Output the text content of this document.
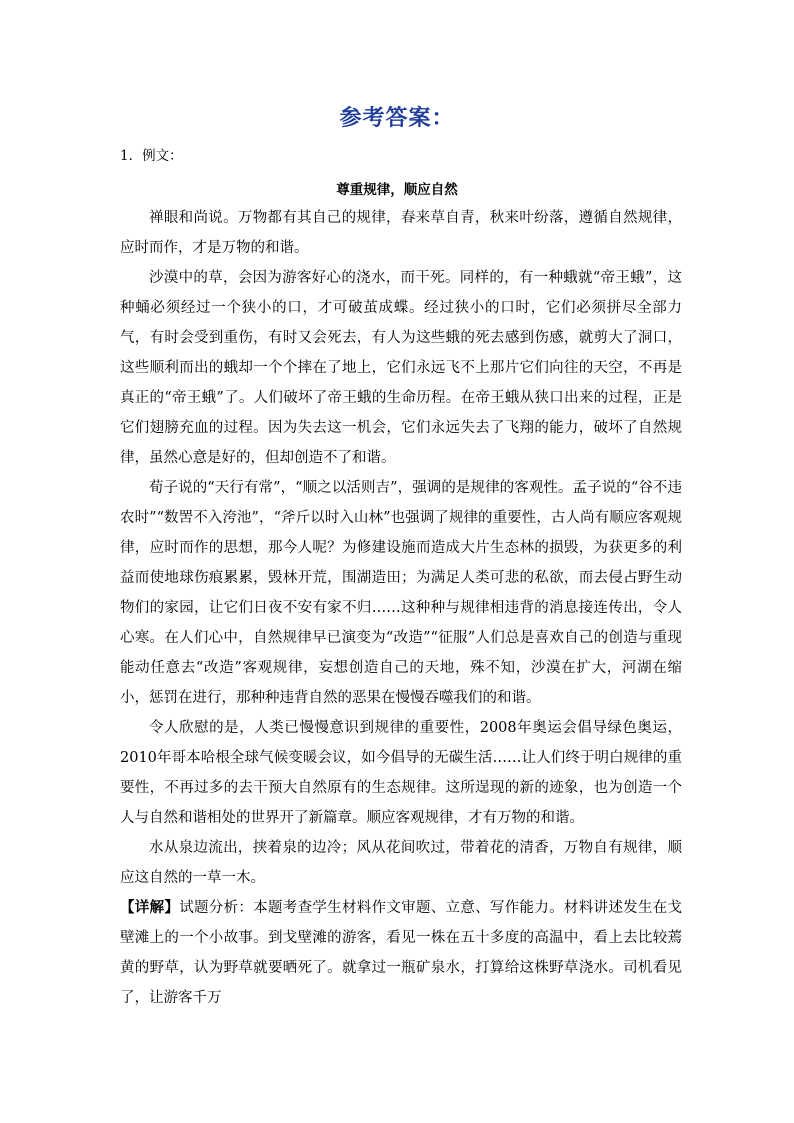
参考答案：
1．例文：
尊重规律，顺应自然

禅眼和尚说。万物都有其自己的规律，春来草自青，秋来叶纷落，遵循自然规律，应时而作，才是万物的和谐。

沙漠中的草，会因为游客好心的浇水，而干死。同样的，有一种蛾就“帝王蛾”，这种蛹必须经过一个狭小的口，才可破茧成蝶。经过狭小的口时，它们必须拼尽全部力气，有时会受到重伤，有时又会死去，有人为这些蛾的死去感到伤感，就剪大了洞口，这些顺利而出的蛾却一个个摔在了地上，它们永远飞不上那片它们向往的天空，不再是真正的“帝王蛾”了。人们破坏了帝王蛾的生命历程。在帝王蛾从狭口出来的过程，正是它们翅膀充血的过程。因为失去这一机会，它们永远失去了飞翔的能力，破坏了自然规律，虽然心意是好的，但却创造不了和谐。

荀子说的“天行有常”，“顺之以活则吉”，强调的是规律的客观性。孟子说的“谷不违农时”“数罟不入洿池”，“斧斤以时入山林”也强调了规律的重要性，古人尚有顺应客观规律，应时而作的思想，那今人呢？为修建设施而造成大片生态林的损毁，为获更多的利益而使地球伤痕累累，毁林开荒，围湖造田；为满足人类可悲的私欲，而去侵占野生动物们的家园，让它们日夜不安有家不归……这种种与规律相违背的消息接连传出，令人心寒。在人们心中，自然规律早已演变为“改造”“征服”人们总是喜欢自己的创造与重现能动任意去“改造”客观规律，妄想创造自己的天地，殊不知，沙漠在扩大，河湖在缩小，惩罚在进行，那种种违背自然的恶果在慢慢吞噬我们的和谐。

令人欣慰的是，人类已慢慢意识到规律的重要性，2008年奥运会倡导绿色奥运，2010年哥本哈根全球气候变暖会议，如今倡导的无碳生活……让人们终于明白规律的重要性，不再过多的去干预大自然原有的生态规律。这所逞现的新的迹象，也为创造一个人与自然和谐相处的世界开了新篇章。顺应客观规律，才有万物的和谐。

水从泉边流出，挟着泉的边冷；风从花间吹过，带着花的清香，万物自有规律，顺应这自然的一草一木。

【详解】试题分析：本题考查学生材料作文审题、立意、写作能力。材料讲述发生在戈壁滩上的一个小故事。到戈壁滩的游客，看见一株在五十多度的高温中，看上去比较蔫黄的野草，认为野草就要晒死了。就拿过一瓶矿泉水，打算给这株野草浇水。司机看见了，让游客千万
